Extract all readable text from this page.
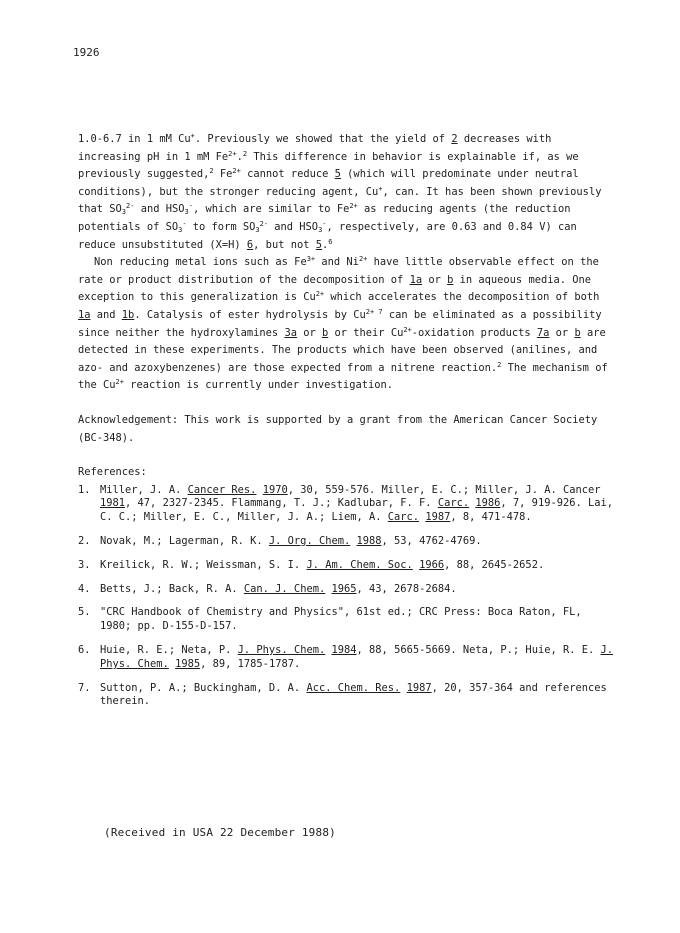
1926

1.0-6.7 in 1 mM Cu+. Previously we showed that the yield of 2 decreases with increasing pH in 1 mM $Fe^{2+}.^2$ This difference in behavior is explainable if, as we previously suggested,$^2$ $Fe^{2+}$ cannot reduce 5 (which will predominate under neutral conditions), but the stronger reducing agent, Cu+, can. It has been shown previously that $SO_3^{2-}$ and $HSO_3^-$, which are similar to $Fe^{2+}$ as reducing agents (the reduction potentials of $SO_3^-$ to form $SO_3^{2-}$ and $HSO_3^-$, respectively, are 0.63 and 0.84 V) can reduce unsubstituted (X=H) 6, but not 5.$^6$

Non reducing metal ions such as $Fe^{3+}$ and $Ni^{2+}$ have little observable effect on the rate or product distribution of the decomposition of 1a or b in aqueous media. One exception to this generalization is $Cu^{2+}$ which accelerates the decomposition of both 1a and 1b. Catalysis of ester hydrolysis by $Cu^{2+ 7}$ can be eliminated as a possibility since neither the hydroxylamines 3a or b or their $Cu^{2+}$-oxidation products 7a or b are detected in these experiments. The products which have been observed (anilines, and azo- and azoxybenzenes) are those expected from a nitrene reaction.$^2$ The mechanism of the $Cu^{2+}$ reaction is currently under investigation.

Acknowledgement: This work is supported by a grant from the American Cancer Society (BC-348).

References:

1. Miller, J. A. Cancer Res. 1970, 30, 559-576. Miller, E. C.; Miller, J. A. Cancer 1981, 47, 2327-2345. Flammang, T. J.; Kadlubar, F. F. Carc. 1986, 7, 919-926. Lai, C. C.; Miller, E. C., Miller, J. A.; Liem, A. Carc. 1987, 8, 471-478.
2. Novak, M.; Lagerman, R. K. J. Org. Chem. 1988, 53, 4762-4769.
3. Kreilick, R. W.; Weissman, S. I. J. Am. Chem. Soc. 1966, 88, 2645-2652.
4. Betts, J.; Back, R. A. Can. J. Chem. 1965, 43, 2678-2684.
5. "CRC Handbook of Chemistry and Physics", 61st ed.; CRC Press: Boca Raton, FL, 1980; pp. D-155-D-157.
6. Huie, R. E.; Neta, P. J. Phys. Chem. 1984, 88, 5665-5669. Neta, P.; Huie, R. E. J. Phys. Chem. 1985, 89, 1785-1787.
7. Sutton, P. A.; Buckingham, D. A. Acc. Chem. Res. 1987, 20, 357-364 and references therein.
(Received in USA 22 December 1988)
